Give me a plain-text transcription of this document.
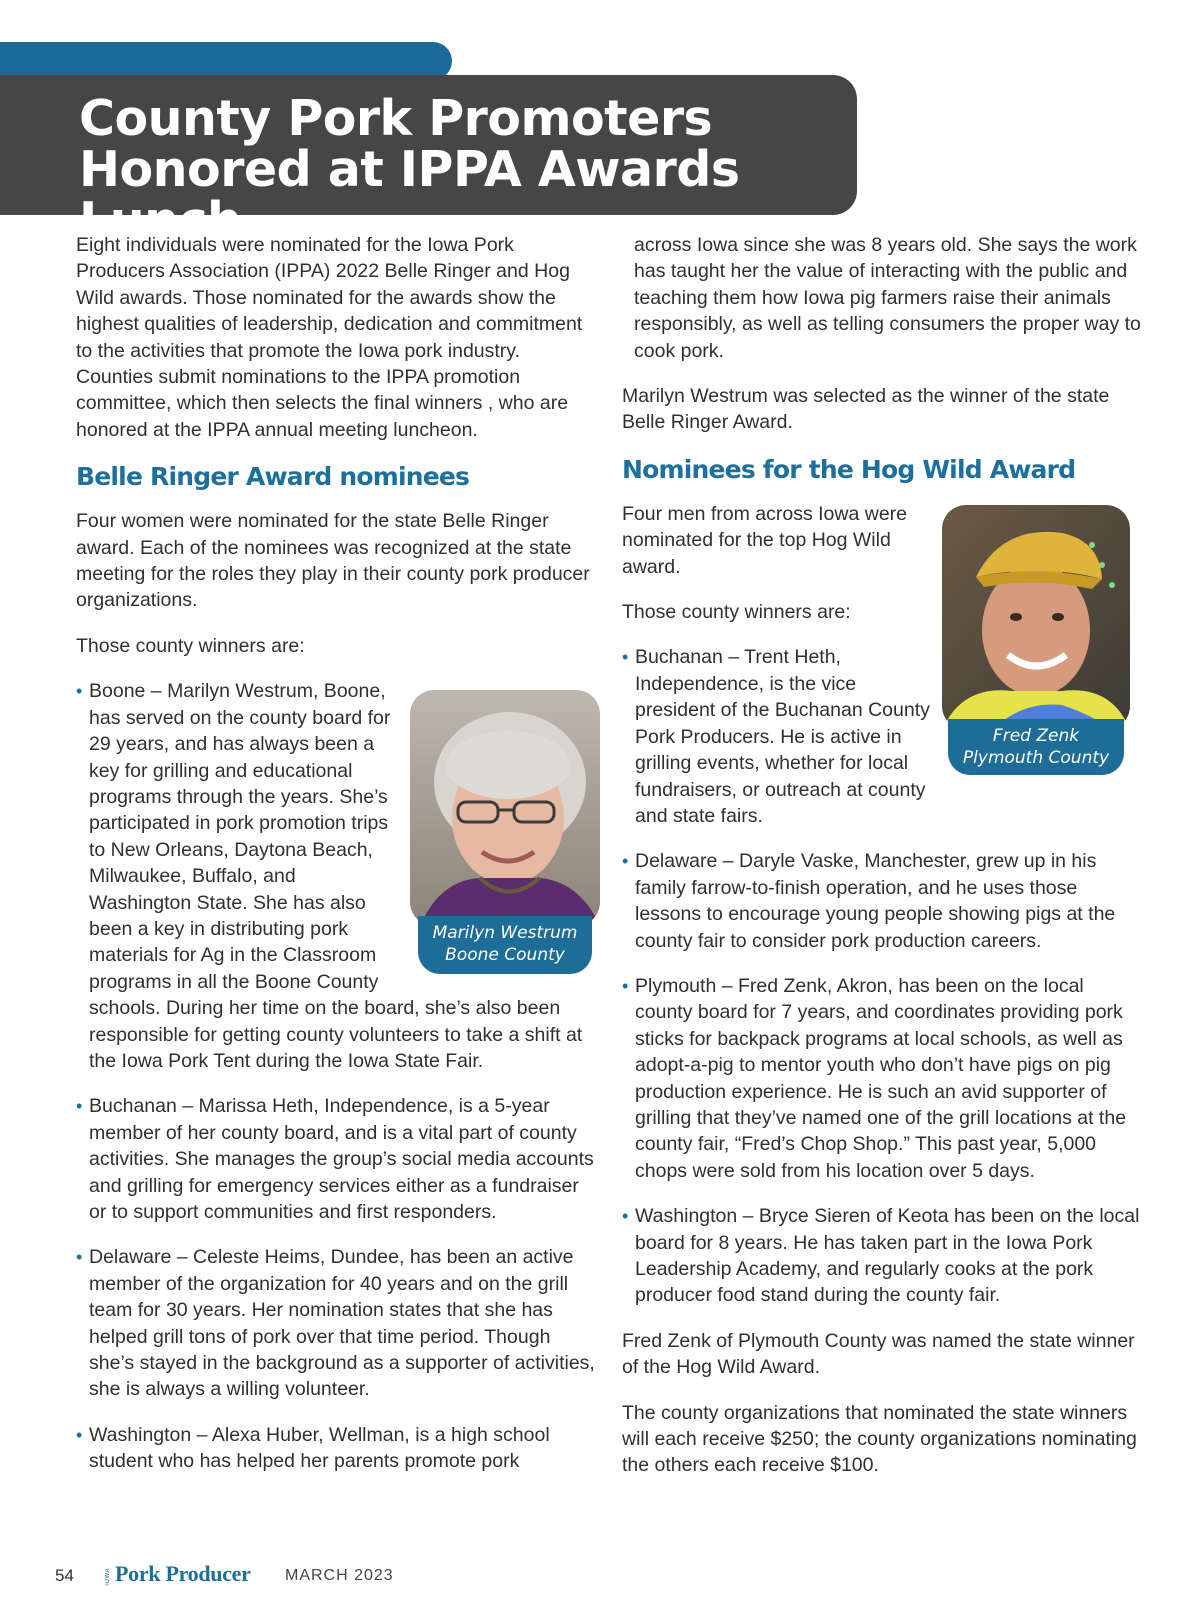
County Pork Promoters Honored at IPPA Awards Lunch

Eight individuals were nominated for the Iowa Pork Producers Association (IPPA) 2022 Belle Ringer and Hog Wild awards. Those nominated for the awards show the highest qualities of leadership, dedication and commitment to the activities that promote the Iowa pork industry. Counties submit nominations to the IPPA promotion committee, which then selects the final winners , who are honored at the IPPA annual meeting luncheon.

Belle Ringer Award nominees

Four women were nominated for the state Belle Ringer award. Each of the nominees was recognized at the state meeting for the roles they play in their county pork producer organizations.

Those county winners are:

• Boone – Marilyn Westrum, Boone, has served on the county board for 29 years, and has always been a key for grilling and educational programs through the years. She’s participated in pork promotion trips to New Orleans, Daytona Beach, Milwaukee, Buffalo, and Washington State. She has also been a key in distributing pork materials for Ag in the Classroom programs in all the Boone County schools. During her time on the board, she’s also been responsible for getting county volunteers to take a shift at the Iowa Pork Tent during the Iowa State Fair.
• Buchanan – Marissa Heth, Independence, is a 5-year member of her county board, and is a vital part of county activities. She manages the group’s social media accounts and grilling for emergency services either as a fundraiser or to support communities and first responders.
• Delaware – Celeste Heims, Dundee, has been an active member of the organization for 40 years and on the grill team for 30 years. Her nomination states that she has helped grill tons of pork over that time period. Though she’s stayed in the background as a supporter of activities, she is always a willing volunteer.
• Washington – Alexa Huber, Wellman, is a high school student who has helped her parents promote pork
Marilyn Westrum
Boone County

across Iowa since she was 8 years old. She says the work has taught her the value of interacting with the public and teaching them how Iowa pig farmers raise their animals responsibly, as well as telling consumers the proper way to cook pork.

Marilyn Westrum was selected as the winner of the state Belle Ringer Award.

Nominees for the Hog Wild Award

Four men from across Iowa were nominated for the top Hog Wild award.

Those county winners are:

• Buchanan – Trent Heth, Independence, is the vice president of the Buchanan County Pork Producers. He is active in grilling events, whether for local fundraisers, or outreach at county and state fairs.
• Delaware – Daryle Vaske, Manchester, grew up in his family farrow-to-finish operation, and he uses those lessons to encourage young people showing pigs at the county fair to consider pork production careers.
• Plymouth – Fred Zenk, Akron, has been on the local county board for 7 years, and coordinates providing pork sticks for backpack programs at local schools, as well as adopt-a-pig to mentor youth who don’t have pigs on pig production experience. He is such an avid supporter of grilling that they’ve named one of the grill locations at the county fair, “Fred’s Chop Shop.” This past year, 5,000 chops were sold from his location over 5 days.
• Washington – Bryce Sieren of Keota has been on the local board for 8 years. He has taken part in the Iowa Pork Leadership Academy, and regularly cooks at the pork producer food stand during the county fair.

Fred Zenk of Plymouth County was named the state winner of the Hog Wild Award.

The county organizations that nominated the state winners will each receive $250; the county organizations nominating the others each receive $100.

Fred Zenk
Plymouth County
54	IOWA Pork Producer MARCH 2023
